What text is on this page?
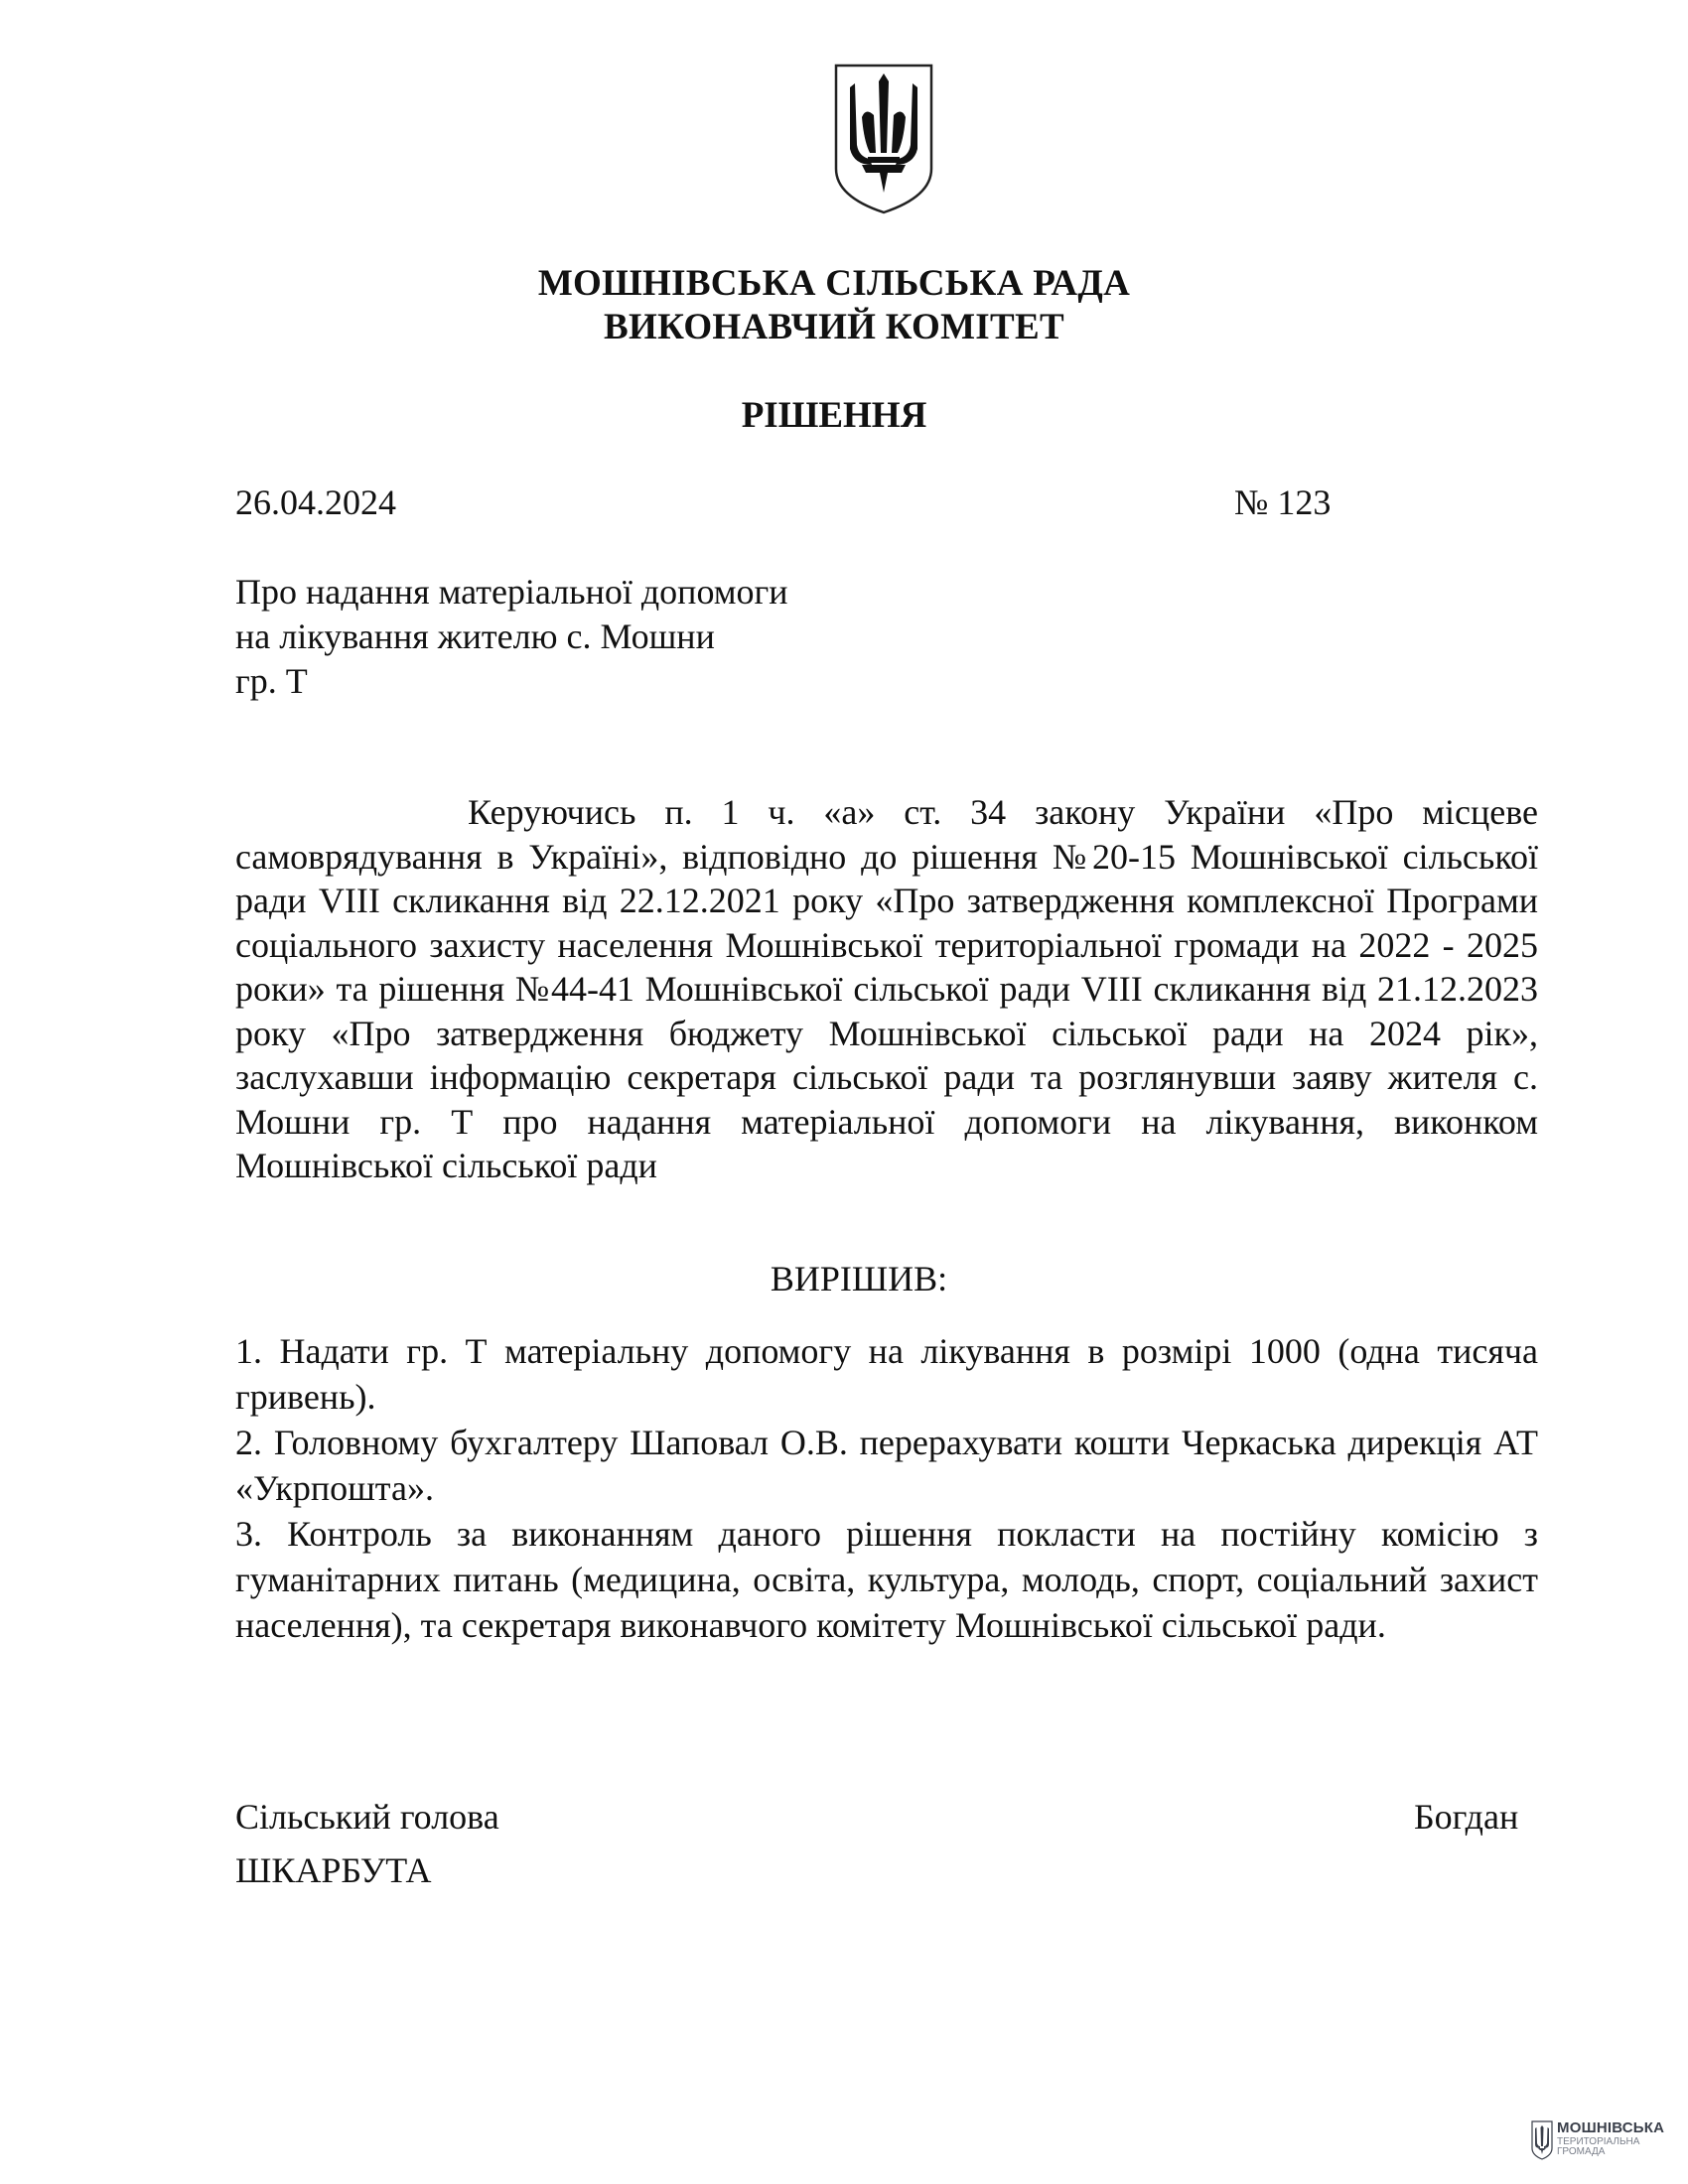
МОШНІВСЬКА СІЛЬСЬКА РАДА
ВИКОНАВЧИЙ КОМІТЕТ
РІШЕННЯ
26.04.2024	№ 123
Про надання матеріальної допомоги
на лікування жителю с. Мошни
гр. Т
Керуючись п. 1 ч. «а» ст. 34 закону України «Про місцеве самоврядування в Україні», відповідно до рішення №20-15 Мошнівської сільської ради VIII скликання від 22.12.2021 року «Про затвердження комплексної Програми соціального захисту населення Мошнівської територіальної громади на 2022 - 2025 роки» та рішення №44-41 Мошнівської сільської ради VIII скликання від 21.12.2023 року «Про затвердження бюджету Мошнівської сільської ради на 2024 рік», заслухавши інформацію секретаря сільської ради та розглянувши заяву жителя с. Мошни гр. Т про надання матеріальної допомоги на лікування, виконком Мошнівської сільської ради
ВИРІШИВ:

1. Надати гр. Т матеріальну допомогу на лікування в розмірі 1000 (одна тисяча гривень).

2. Головному бухгалтеру Шаповал О.В. перерахувати кошти Черкаська дирекція АТ «Укрпошта».

3. Контроль за виконанням даного рішення покласти на постійну комісію з гуманітарних питань (медицина, освіта, культура, молодь, спорт, соціальний захист населення), та секретаря виконавчого комітету Мошнівської сільської ради.

Сільський голова	Богдан
ШКАРБУТА
МОШНІВСЬКА
ТЕРИТОРІАЛЬНА ГРОМАДА
